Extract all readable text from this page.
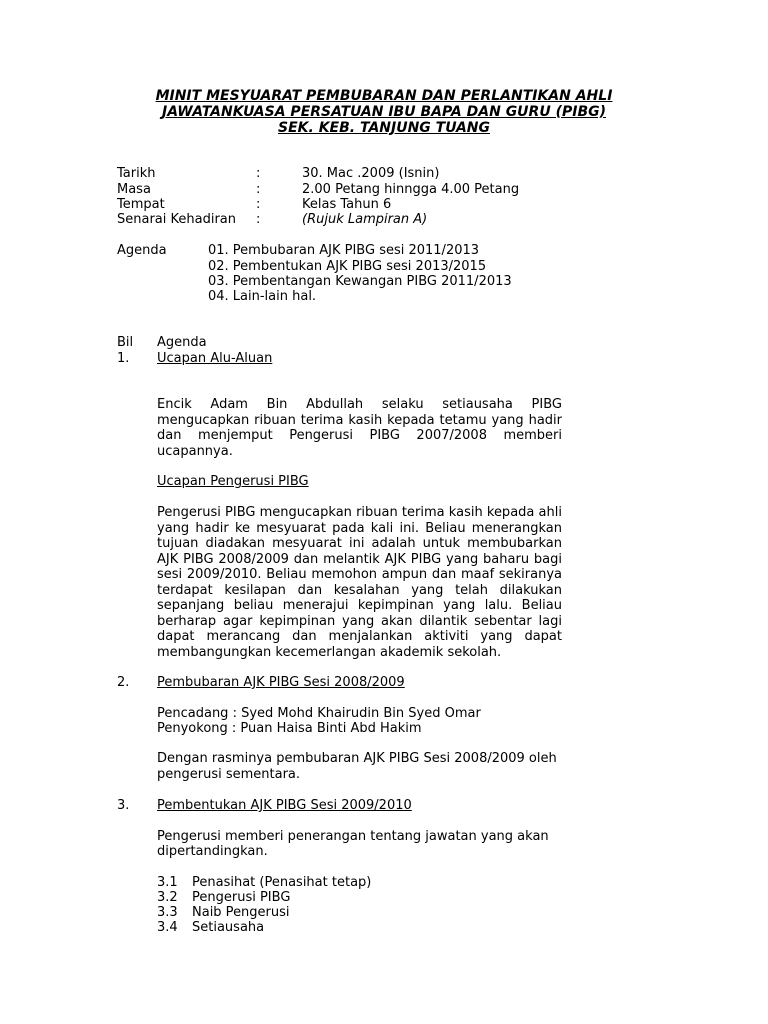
MINIT MESYUARAT PEMBUBARAN DAN PERLANTIKAN AHLI
JAWATANKUASA PERSATUAN IBU BAPA DAN GURU (PIBG)
SEK. KEB. TANJUNG TUANG
Tarikh	:	30. Mac .2009 (Isnin)
Masa	:	2.00 Petang hinngga 4.00 Petang
Tempat	:	Kelas Tahun 6
Senarai Kehadiran :	(Rujuk Lampiran A)
Agenda	01. Pembubaran AJK PIBG sesi 2011/2013
02. Pembentukan AJK PIBG sesi 2013/2015
03. Pembentangan Kewangan PIBG 2011/2013
04. Lain-lain hal.
Bil Agenda
1. Ucapan Alu-Aluan

Encik Adam Bin Abdullah selaku setiausaha PIBG mengucapkan ribuan terima kasih kepada tetamu yang hadir dan menjemput Pengerusi PIBG 2007/2008 memberi ucapannya.

Ucapan Pengerusi PIBG

Pengerusi PIBG mengucapkan ribuan terima kasih kepada ahli yang hadir ke mesyuarat pada kali ini. Beliau menerangkan tujuan diadakan mesyuarat ini adalah untuk membubarkan AJK PIBG 2008/2009 dan melantik AJK PIBG yang baharu bagi sesi 2009/2010. Beliau memohon ampun dan maaf sekiranya terdapat kesilapan dan kesalahan yang telah dilakukan sepanjang beliau menerajui kepimpinan yang lalu. Beliau berharap agar kepimpinan yang akan dilantik sebentar lagi dapat merancang dan menjalankan aktiviti yang dapat membangungkan kecemerlangan akademik sekolah.

2. Pembubaran AJK PIBG Sesi 2008/2009
Pencadang : Syed Mohd Khairudin Bin Syed Omar
Penyokong : Puan Haisa Binti Abd Hakim
Dengan rasminya pembubaran AJK PIBG Sesi 2008/2009 oleh
pengerusi sementara.
3. Pembentukan AJK PIBG Sesi 2009/2010
Pengerusi memberi penerangan tentang jawatan yang akan
dipertandingkan.
3.1 Penasihat (Penasihat tetap)
3.2 Pengerusi PIBG
3.3 Naib Pengerusi
3.4 Setiausaha
